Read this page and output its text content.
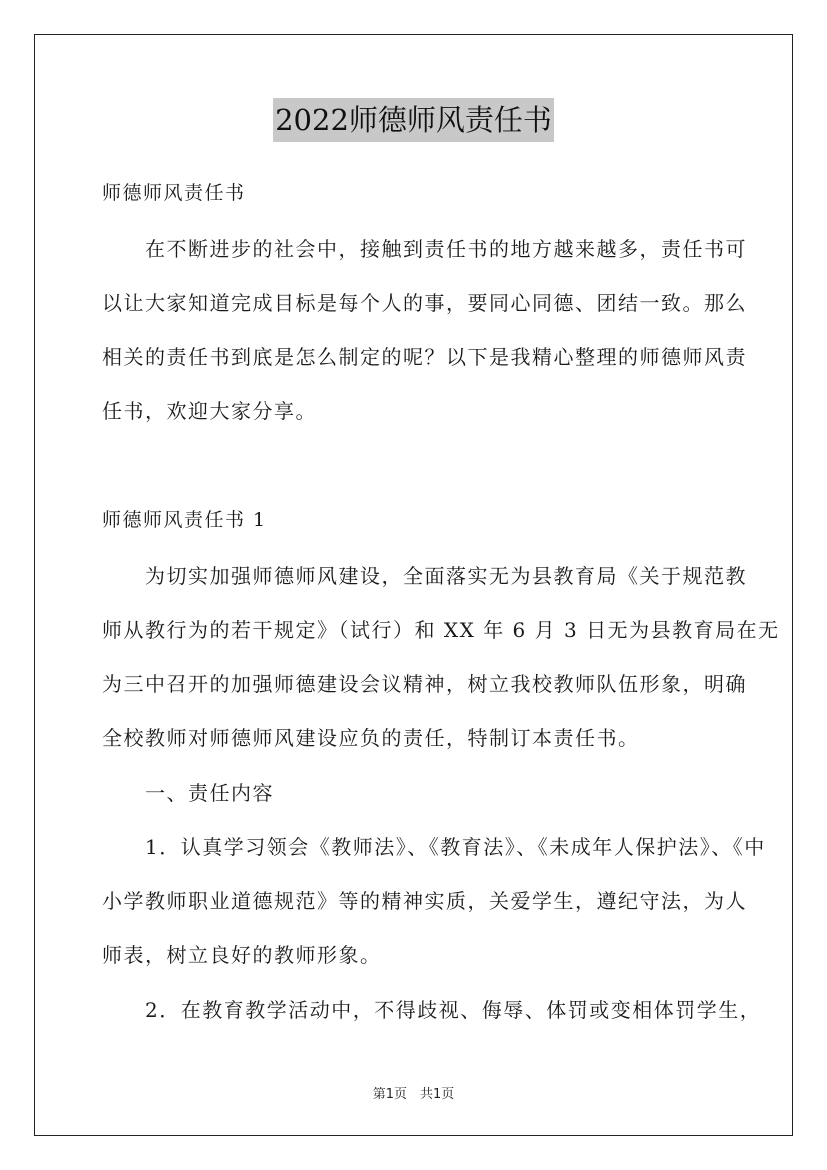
2022师德师风责任书
师德师风责任书
　　在不断进步的社会中，接触到责任书的地方越来越多，责任书可
以让大家知道完成目标是每个人的事，要同心同德、团结一致。那么
相关的责任书到底是怎么制定的呢？以下是我精心整理的师德师风责
任书，欢迎大家分享。
师德师风责任书 1
　　为切实加强师德师风建设，全面落实无为县教育局《关于规范教
师从教行为的若干规定》（试行）和 XX 年 6 月 3 日无为县教育局在无
为三中召开的加强师德建设会议精神，树立我校教师队伍形象，明确
全校教师对师德师风建设应负的责任，特制订本责任书。
　　一、责任内容
　　1．认真学习领会《教师法》、《教育法》、《未成年人保护法》、《中
小学教师职业道德规范》等的精神实质，关爱学生，遵纪守法，为人
师表，树立良好的教师形象。
　　2．在教育教学活动中，不得歧视、侮辱、体罚或变相体罚学生，
第1页　共1页
